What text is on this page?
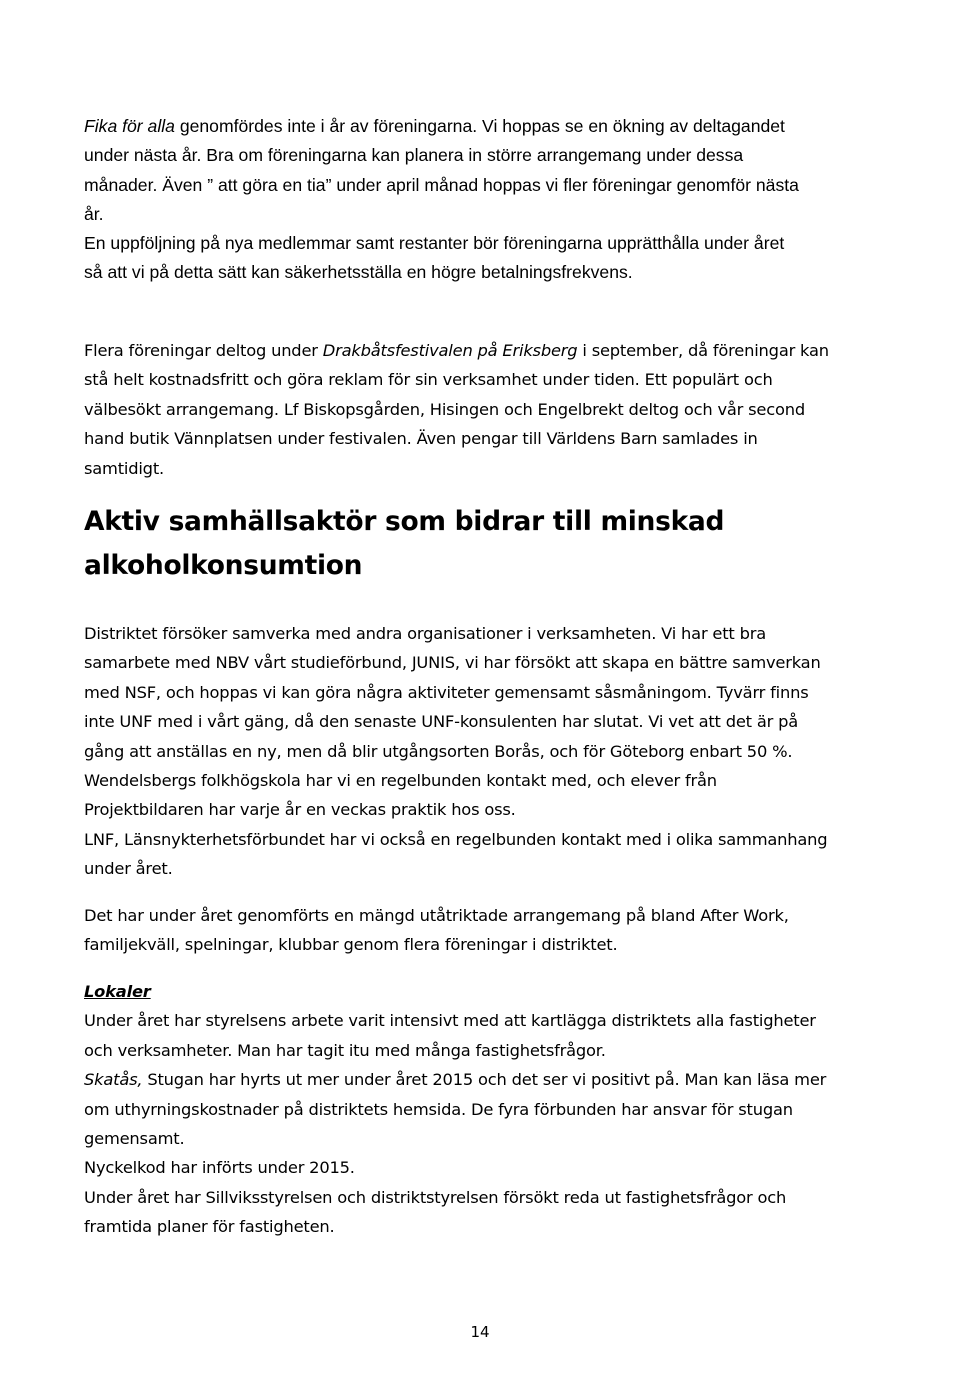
Fika för alla genomfördes inte i år av föreningarna. Vi hoppas se en ökning av deltagandet
under nästa år. Bra om föreningarna kan planera in större arrangemang under dessa
månader. Även ” att göra en tia” under april månad hoppas vi fler föreningar genomför nästa
år.
En uppföljning på nya medlemmar samt restanter bör föreningarna upprätthålla under året
så att vi på detta sätt kan säkerhetsställa en högre betalningsfrekvens.
Flera föreningar deltog under Drakbåtsfestivalen på Eriksberg i september, då föreningar kan
stå helt kostnadsfritt och göra reklam för sin verksamhet under tiden. Ett populärt och
välbesökt arrangemang. Lf Biskopsgården, Hisingen och Engelbrekt deltog och vår second
hand butik Vännplatsen under festivalen. Även pengar till Världens Barn samlades in
samtidigt.
Aktiv samhällsaktör som bidrar till minskad
alkoholkonsumtion
Distriktet försöker samverka med andra organisationer i verksamheten. Vi har ett bra
samarbete med NBV vårt studieförbund, JUNIS, vi har försökt att skapa en bättre samverkan
med NSF, och hoppas vi kan göra några aktiviteter gemensamt såsmåningom. Tyvärr finns
inte UNF med i vårt gäng, då den senaste UNF-konsulenten har slutat. Vi vet att det är på
gång att anställas en ny, men då blir utgångsorten Borås, och för Göteborg enbart 50 %.
Wendelsbergs folkhögskola har vi en regelbunden kontakt med, och elever från
Projektbildaren har varje år en veckas praktik hos oss.
LNF, Länsnykterhetsförbundet har vi också en regelbunden kontakt med i olika sammanhang
under året.
Det har under året genomförts en mängd utåtriktade arrangemang på bland After Work,
familjekväll, spelningar, klubbar genom flera föreningar i distriktet.
Lokaler
Under året har styrelsens arbete varit intensivt med att kartlägga distriktets alla fastigheter
och verksamheter. Man har tagit itu med många fastighetsfrågor.
Skatås, Stugan har hyrts ut mer under året 2015 och det ser vi positivt på. Man kan läsa mer
om uthyrningskostnader på distriktets hemsida. De fyra förbunden har ansvar för stugan
gemensamt.
Nyckelkod har införts under 2015.
Under året har Sillviksstyrelsen och distriktstyrelsen försökt reda ut fastighetsfrågor och
framtida planer för fastigheten.
14
